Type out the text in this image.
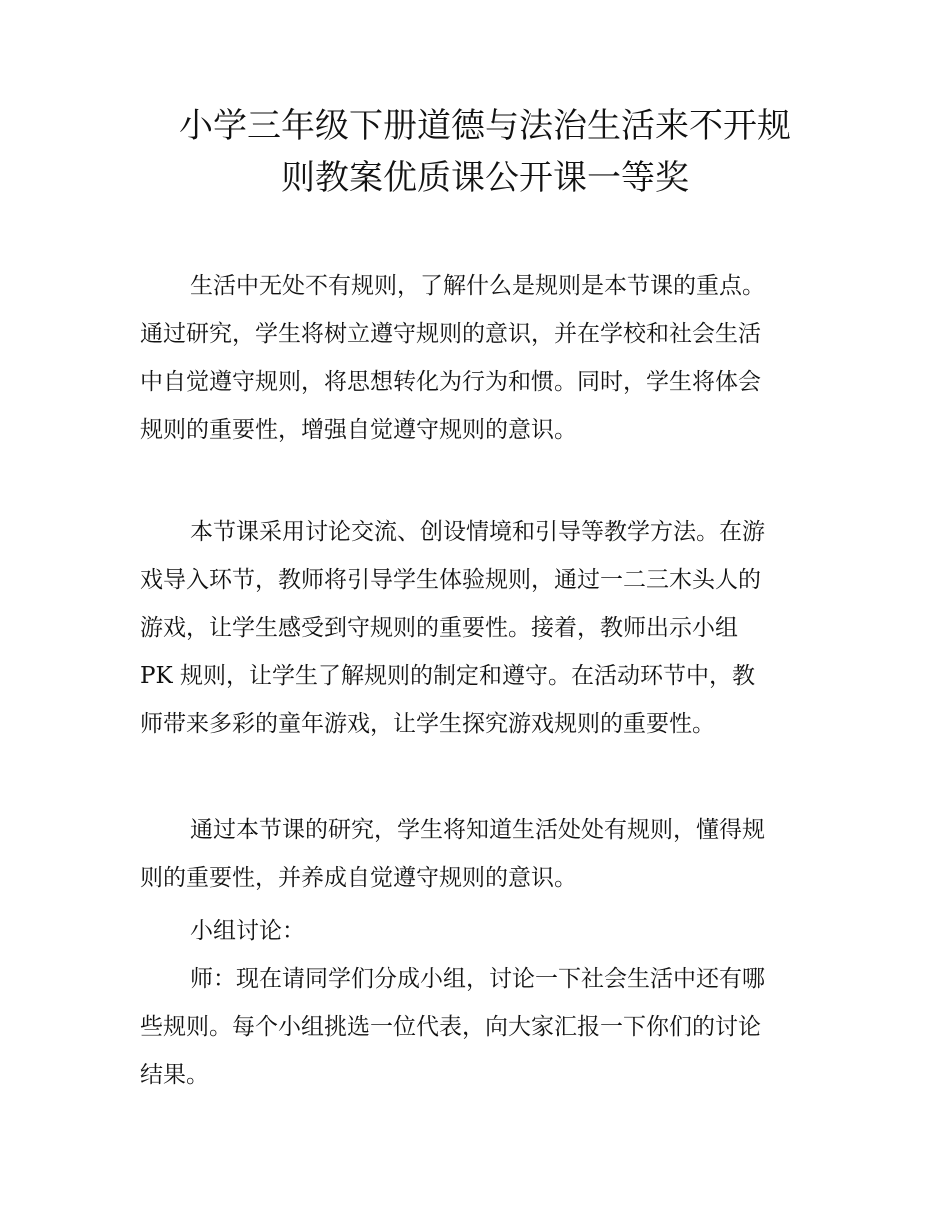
小学三年级下册道德与法治生活来不开规
则教案优质课公开课一等奖
生活中无处不有规则，了解什么是规则是本节课的重点。
通过研究，学生将树立遵守规则的意识，并在学校和社会生活
中自觉遵守规则，将思想转化为行为和惯。同时，学生将体会
规则的重要性，增强自觉遵守规则的意识。
本节课采用讨论交流、创设情境和引导等教学方法。在游
戏导入环节，教师将引导学生体验规则，通过一二三木头人的
游戏，让学生感受到守规则的重要性。接着，教师出示小组
PK 规则，让学生了解规则的制定和遵守。在活动环节中，教
师带来多彩的童年游戏，让学生探究游戏规则的重要性。
通过本节课的研究，学生将知道生活处处有规则，懂得规
则的重要性，并养成自觉遵守规则的意识。
小组讨论：
师：现在请同学们分成小组，讨论一下社会生活中还有哪
些规则。每个小组挑选一位代表，向大家汇报一下你们的讨论
结果。
